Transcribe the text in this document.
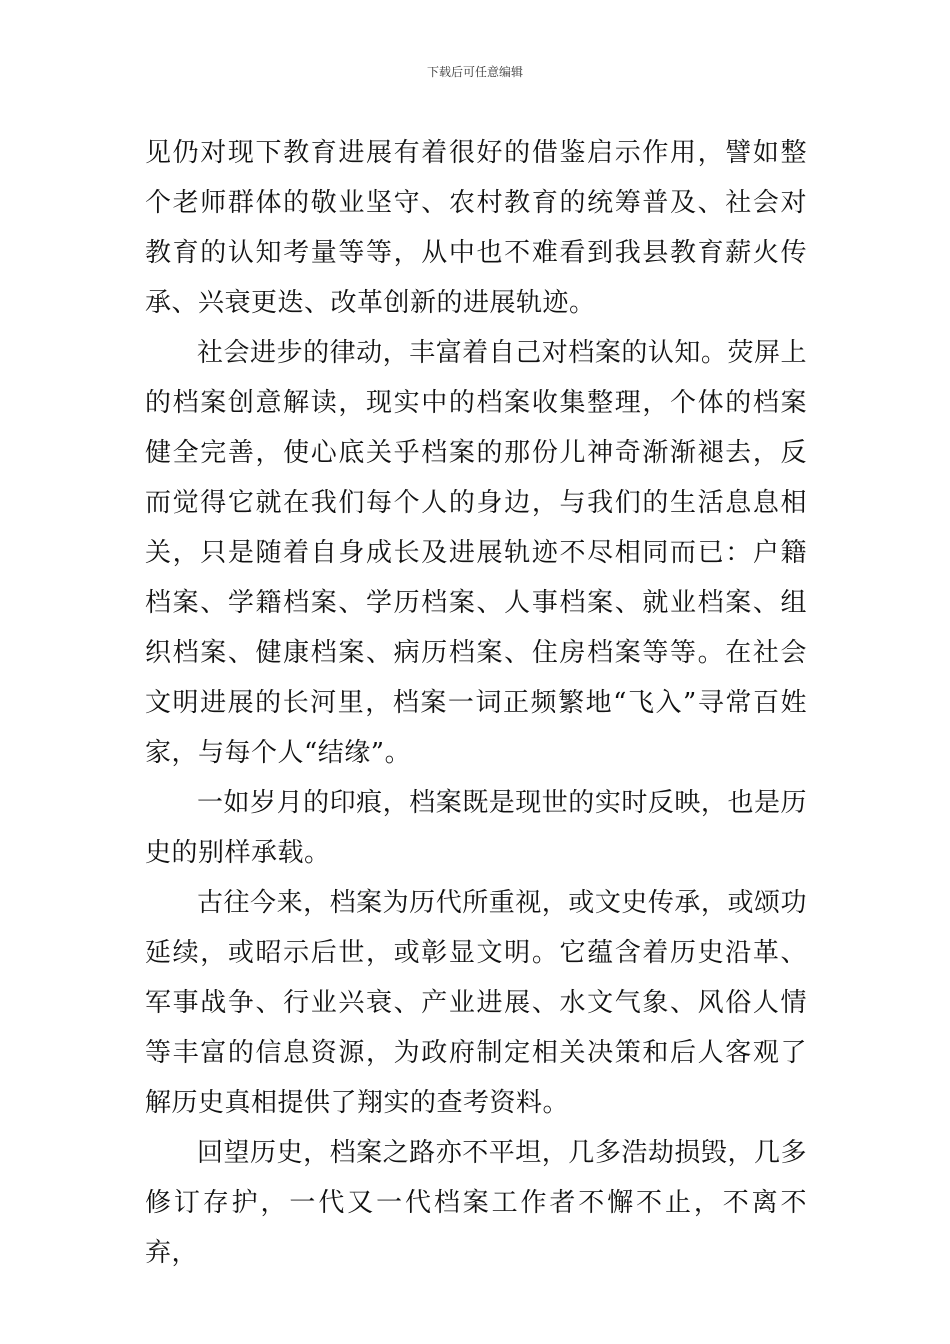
下载后可任意编辑

见仍对现下教育进展有着很好的借鉴启示作用，譬如整个老师群体的敬业坚守、农村教育的统筹普及、社会对教育的认知考量等等，从中也不难看到我县教育薪火传承、兴衰更迭、改革创新的进展轨迹。

社会进步的律动，丰富着自己对档案的认知。荧屏上的档案创意解读，现实中的档案收集整理，个体的档案健全完善，使心底关乎档案的那份儿神奇渐渐褪去，反而觉得它就在我们每个人的身边，与我们的生活息息相关，只是随着自身成长及进展轨迹不尽相同而已：户籍档案、学籍档案、学历档案、人事档案、就业档案、组织档案、健康档案、病历档案、住房档案等等。在社会文明进展的长河里，档案一词正频繁地“飞入”寻常百姓家，与每个人“结缘”。

一如岁月的印痕，档案既是现世的实时反映，也是历史的别样承载。

古往今来，档案为历代所重视，或文史传承，或颂功延续，或昭示后世，或彰显文明。它蕴含着历史沿革、军事战争、行业兴衰、产业进展、水文气象、风俗人情等丰富的信息资源，为政府制定相关决策和后人客观了解历史真相提供了翔实的查考资料。

回望历史，档案之路亦不平坦，几多浩劫损毁，几多修订存护，一代又一代档案工作者不懈不止，不离不弃，
